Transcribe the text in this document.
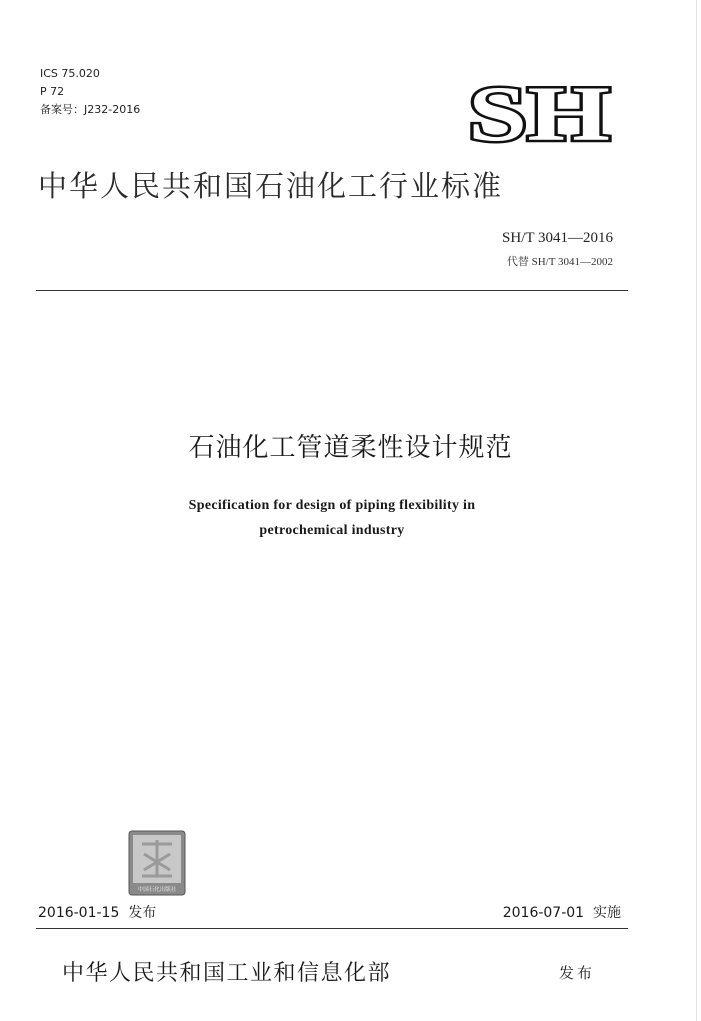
ICS 75.020
P 72
备案号：J232-2016	SH
中华人民共和国石油化工行业标准
SH/T 3041—2016
代替 SH/T 3041—2002
石油化工管道柔性设计规范
Specification for design of piping flexibility in
petrochemical industry
中国石化出版社
2016-01-15 发布	2016-07-01 实施
中华人民共和国工业和信息化部	发布
